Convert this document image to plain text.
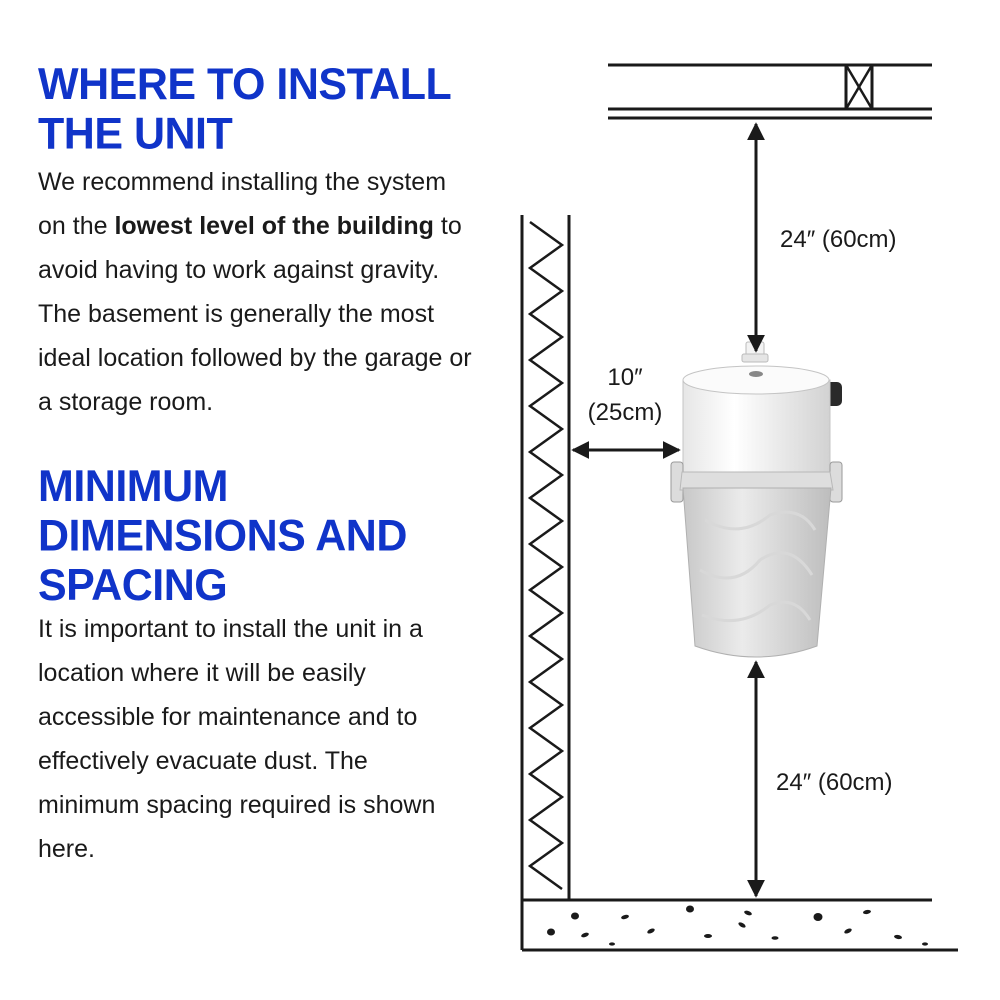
WHERE TO INSTALL
THE UNIT

We recommend installing the system on the lowest level of the building to avoid having to work against gravity. The basement is generally the most ideal location followed by the garage or a storage room.

MINIMUM
DIMENSIONS AND
SPACING

It is important to install the unit in a location where it will be easily accessible for maintenance and to effectively evacuate dust. The minimum spacing required is shown here.

24″ (60cm)
10″
(25cm)
24″ (60cm)
